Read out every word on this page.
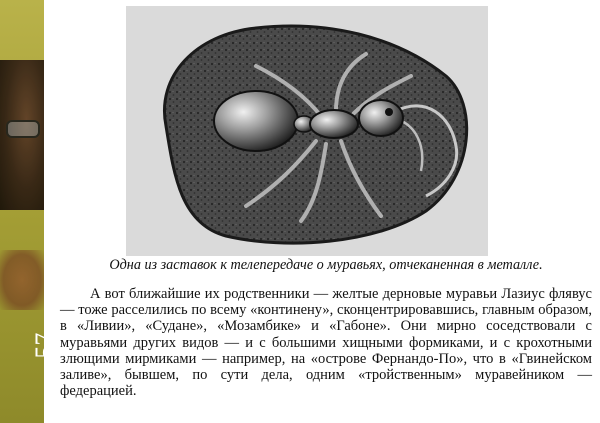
Страница
57
Виктор Гребенников. Двор. Глава 4. ПЕСОЧЕК	Одна из заставок к телепередаче о муравьях, отчеканенная в металле.

А вот ближайшие их родственники — желтые дерновые муравьи Лазиус флявус — тоже расселились по всему «континену», сконцентрировавшись, главным образом, в «Ливии», «Судане», «Мозамбике» и «Габоне». Они мирно соседствовали с муравьями других видов — и с большими хищными формиками, и с крохотными злющими мирмиками — например, на «острове Фернандо-По», что в «Гвинейском заливе», бывшем, по сути дела, одним «тройственным» муравейником — федерацией.
